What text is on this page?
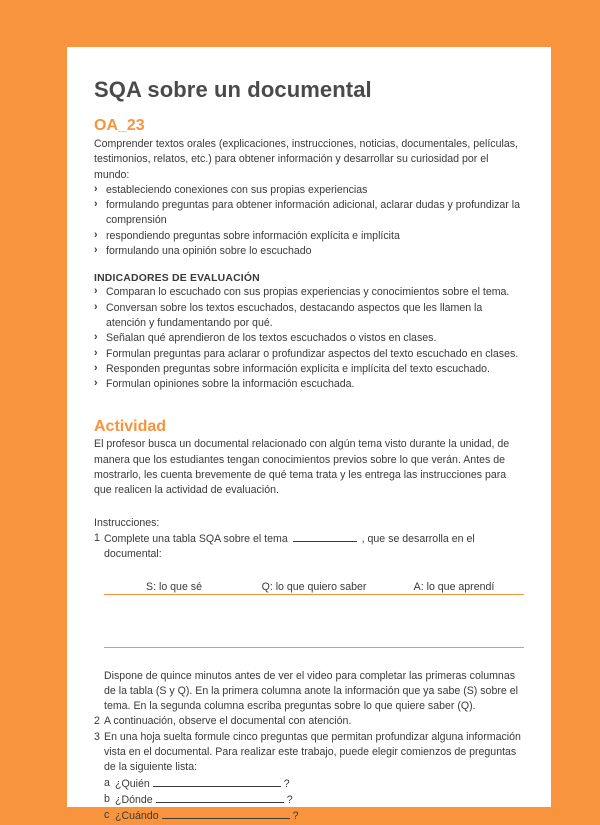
SQA sobre un documental
OA_23
Comprender textos orales (explicaciones, instrucciones, noticias, documentales, películas, testimonios, relatos, etc.) para obtener información y desarrollar su curiosidad por el mundo:
› estableciendo conexiones con sus propias experiencias
› formulando preguntas para obtener información adicional, aclarar dudas y profundizar la comprensión
› respondiendo preguntas sobre información explícita e implícita
› formulando una opinión sobre lo escuchado
INDICADORES DE EVALUACIÓN
› Comparan lo escuchado con sus propias experiencias y conocimientos sobre el tema.
› Conversan sobre los textos escuchados, destacando aspectos que les llamen la atención y fundamentando por qué.
› Señalan qué aprendieron de los textos escuchados o vistos en clases.
› Formulan preguntas para aclarar o profundizar aspectos del texto escuchado en clases.
› Responden preguntas sobre información explícita e implícita del texto escuchado.
› Formulan opiniones sobre la información escuchada.
Actividad

El profesor busca un documental relacionado con algún tema visto durante la unidad, de manera que los estudiantes tengan conocimientos previos sobre lo que verán. Antes de mostrarlo, les cuenta brevemente de qué tema trata y les entrega las instrucciones para que realicen la actividad de evaluación.

Instrucciones:
1 Complete una tabla SQA sobre el tema	, que se desarrolla en el documental:
S: lo que sé	Q: lo que quiero saber	A: lo que aprendí
Dispone de quince minutos antes de ver el video para completar las primeras columnas de la tabla (S y Q). En la primera columna anote la información que ya sabe (S) sobre el tema. En la segunda columna escriba preguntas sobre lo que quiere saber (Q).
2 A continuación, observe el documental con atención.
3 En una hoja suelta formule cinco preguntas que permitan profundizar alguna información vista en el documental. Para realizar este trabajo, puede elegir comienzos de preguntas de la siguiente lista:
a ¿Quién	?
b ¿Dónde	?
c ¿Cuándo	?
